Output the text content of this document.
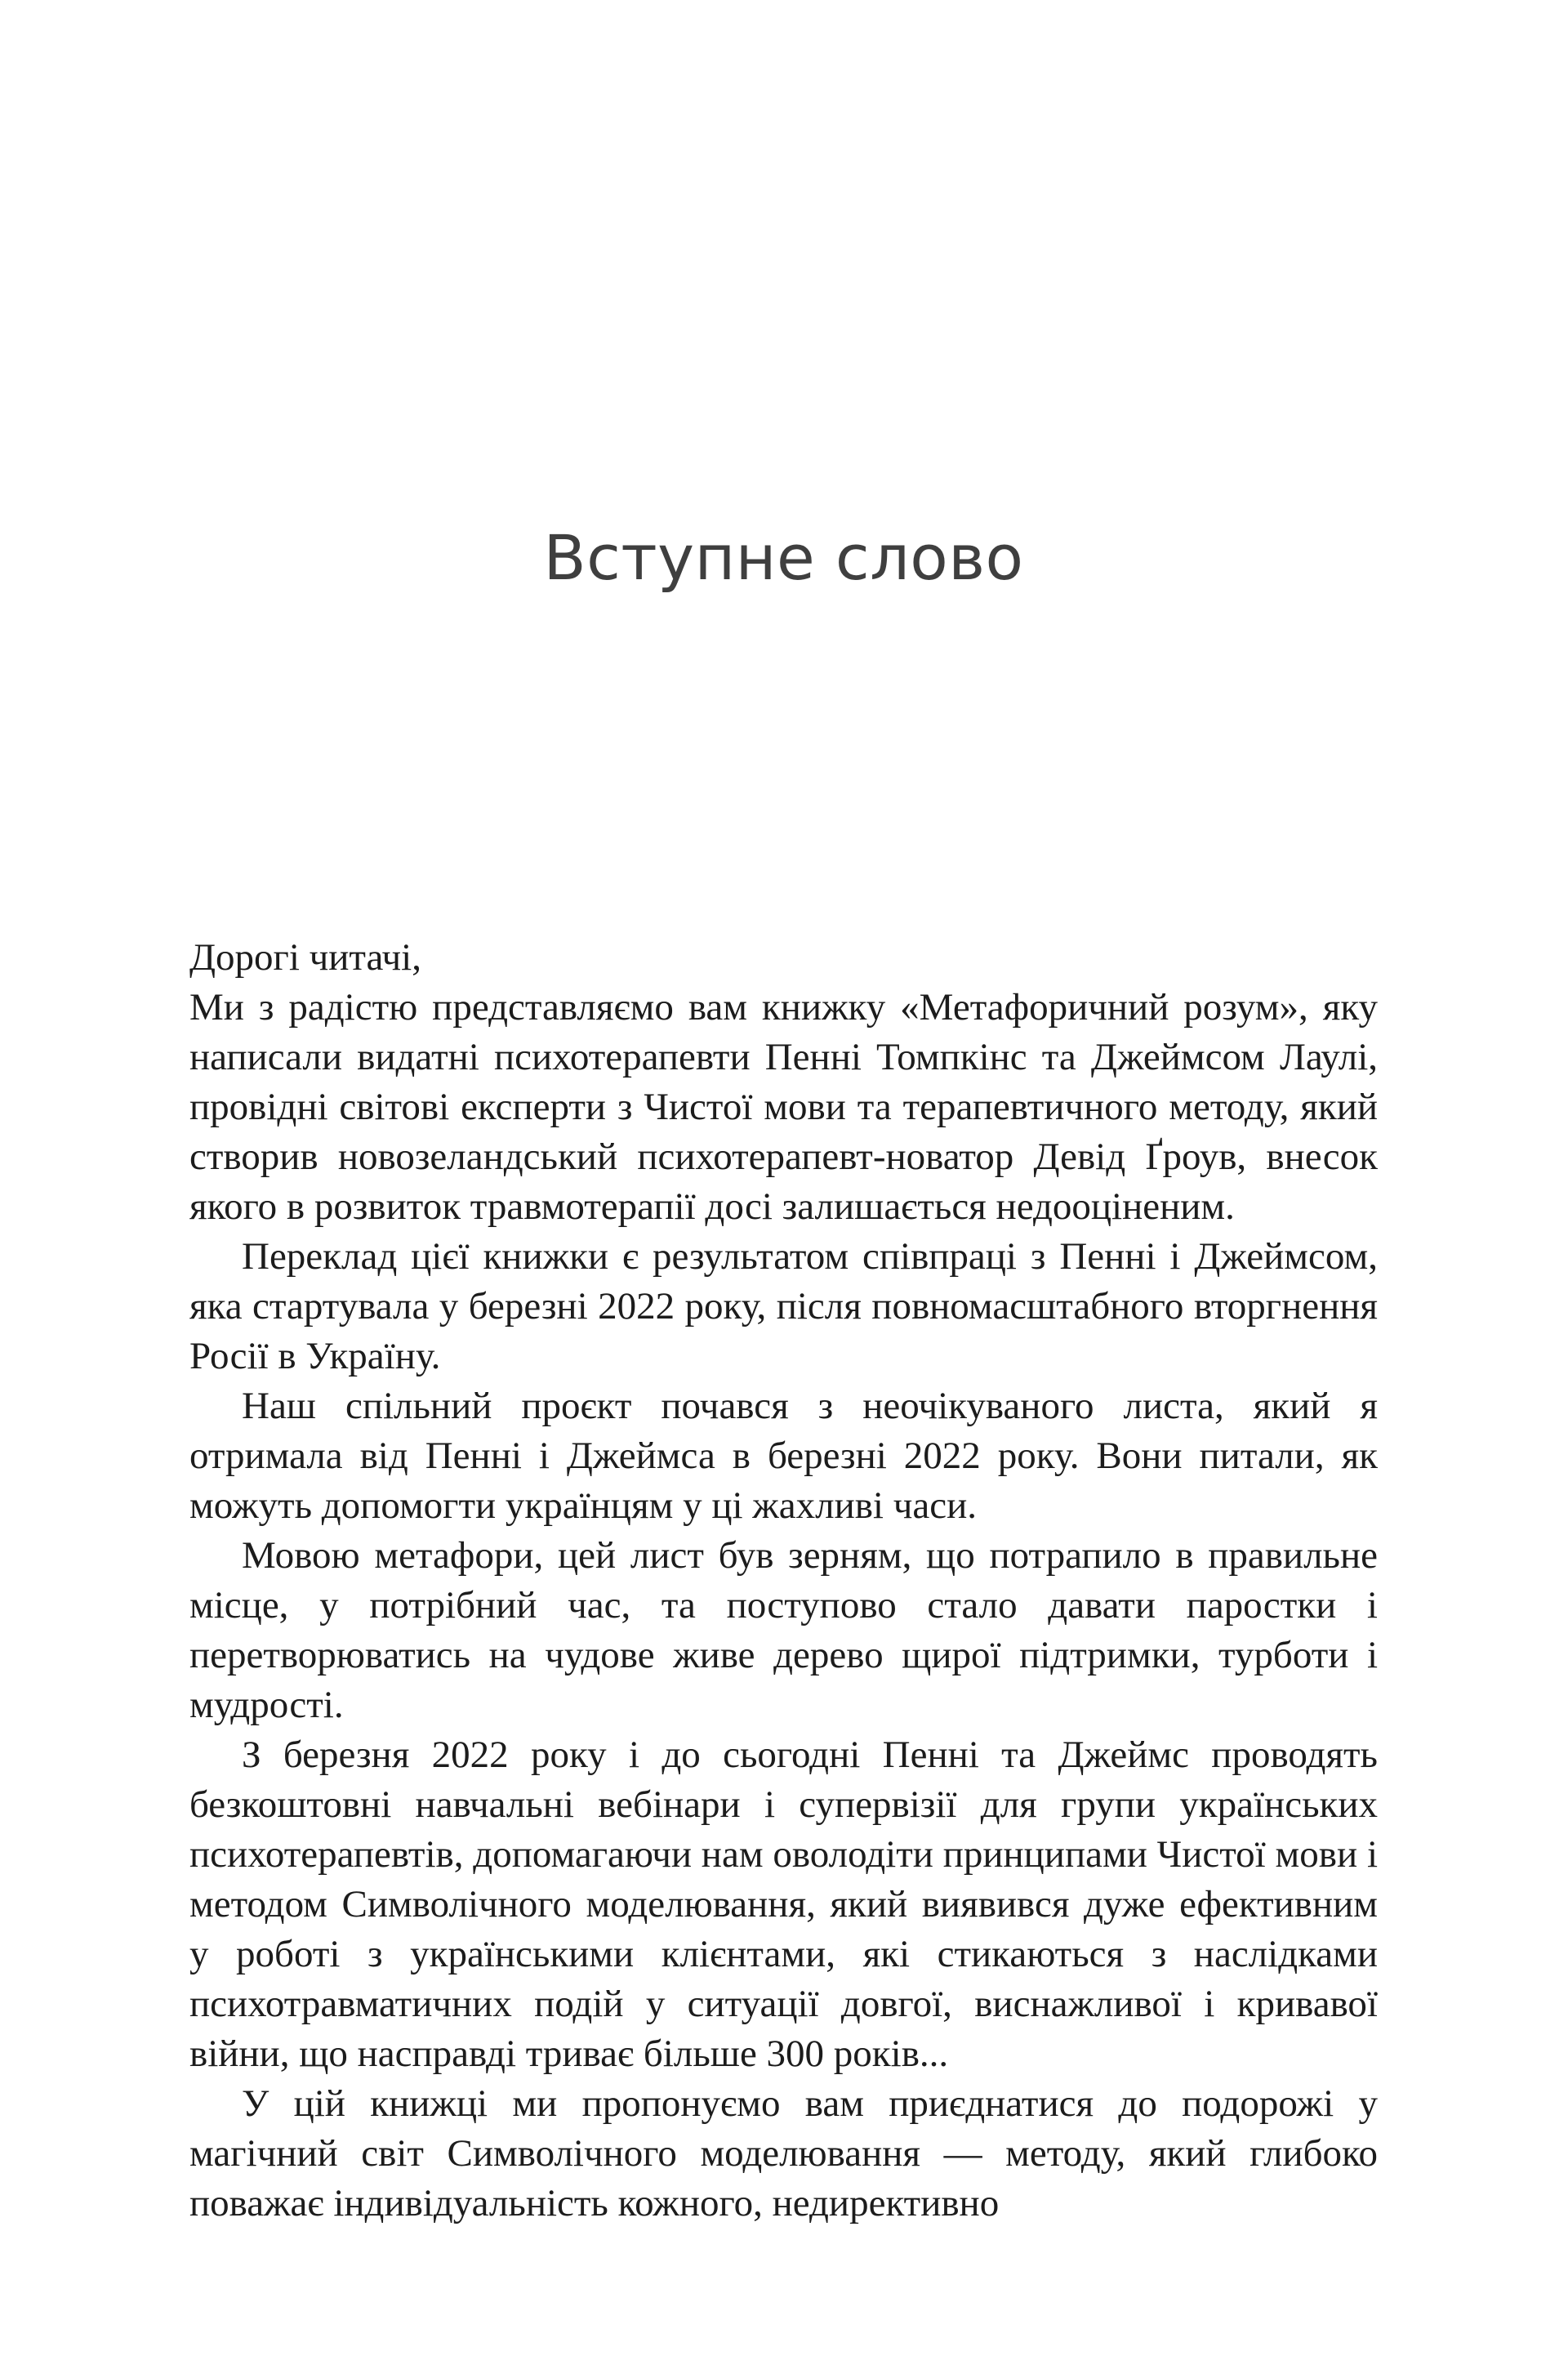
Вступне слово

Дорогі читачі,

Ми з радістю представляємо вам книжку «Метафоричний розум», яку написали видатні психотерапевти Пенні Томпкінс та Джеймсом Лаулі, провідні світові експерти з Чистої мови та терапевтичного методу, який створив новозеландський психотерапевт-новатор Девід Ґроув, внесок якого в розвиток травмотерапії досі залишається недооціненим.

Переклад цієї книжки є результатом співпраці з Пенні і Джеймсом, яка стартувала у березні 2022 року, після повномасштабного вторгнення Росії в Україну.

Наш спільний проєкт почався з неочікуваного листа, який я отримала від Пенні і Джеймса в березні 2022 року. Вони питали, як можуть допомогти українцям у ці жахливі часи.

Мовою метафори, цей лист був зерням, що потрапило в правильне місце, у потрібний час, та поступово стало давати паростки і перетворюватись на чудове живе дерево щирої підтримки, турботи і мудрості.

З березня 2022 року і до сьогодні Пенні та Джеймс проводять безкоштовні навчальні вебінари і супервізії для групи українських психотерапевтів, допомагаючи нам оволодіти принципами Чистої мови і методом Символічного моделювання, який виявився дуже ефективним у роботі з українськими клієнтами, які стикаються з наслідками психотравматичних подій у ситуації довгої, виснажливої і кривавої війни, що насправді триває більше 300 років...

У цій книжці ми пропонуємо вам приєднатися до подорожі у магічний світ Символічного моделювання — методу, який глибоко поважає індивідуальність кожного, недирективно
